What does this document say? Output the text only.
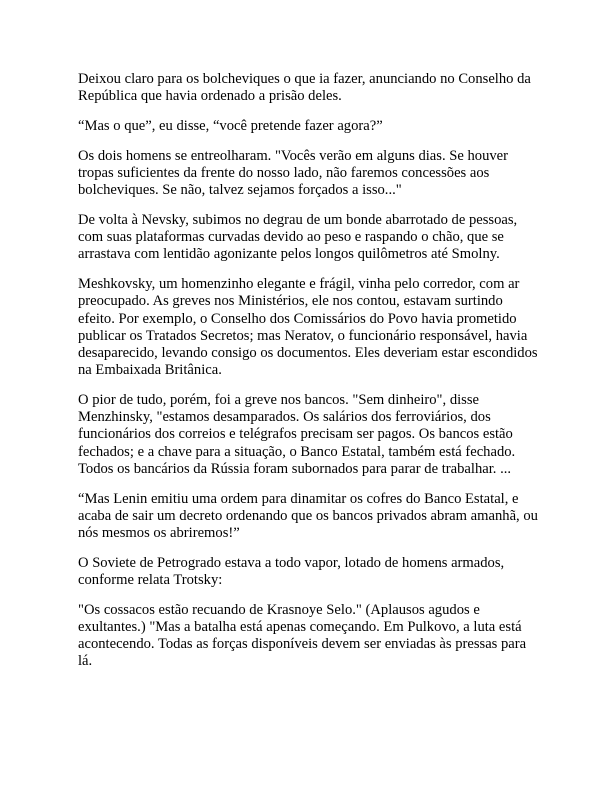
Deixou claro para os bolcheviques o que ia fazer, anunciando no Conselho da República que havia ordenado a prisão deles.

“Mas o que”, eu disse, “você pretende fazer agora?”

Os dois homens se entreolharam. "Vocês verão em alguns dias. Se houver tropas suficientes da frente do nosso lado, não faremos concessões aos bolcheviques. Se não, talvez sejamos forçados a isso..."

De volta à Nevsky, subimos no degrau de um bonde abarrotado de pessoas, com suas plataformas curvadas devido ao peso e raspando o chão, que se arrastava com lentidão agonizante pelos longos quilômetros até Smolny.

Meshkovsky, um homenzinho elegante e frágil, vinha pelo corredor, com ar preocupado. As greves nos Ministérios, ele nos contou, estavam surtindo efeito. Por exemplo, o Conselho dos Comissários do Povo havia prometido publicar os Tratados Secretos; mas Neratov, o funcionário responsável, havia desaparecido, levando consigo os documentos. Eles deveriam estar escondidos na Embaixada Britânica.

O pior de tudo, porém, foi a greve nos bancos. "Sem dinheiro", disse Menzhinsky, "estamos desamparados. Os salários dos ferroviários, dos funcionários dos correios e telégrafos precisam ser pagos. Os bancos estão fechados; e a chave para a situação, o Banco Estatal, também está fechado. Todos os bancários da Rússia foram subornados para parar de trabalhar. ...

“Mas Lenin emitiu uma ordem para dinamitar os cofres do Banco Estatal, e acaba de sair um decreto ordenando que os bancos privados abram amanhã, ou nós mesmos os abriremos!”

O Soviete de Petrogrado estava a todo vapor, lotado de homens armados, conforme relata Trotsky:

"Os cossacos estão recuando de Krasnoye Selo." (Aplausos agudos e exultantes.) "Mas a batalha está apenas começando. Em Pulkovo, a luta está acontecendo. Todas as forças disponíveis devem ser enviadas às pressas para lá.
